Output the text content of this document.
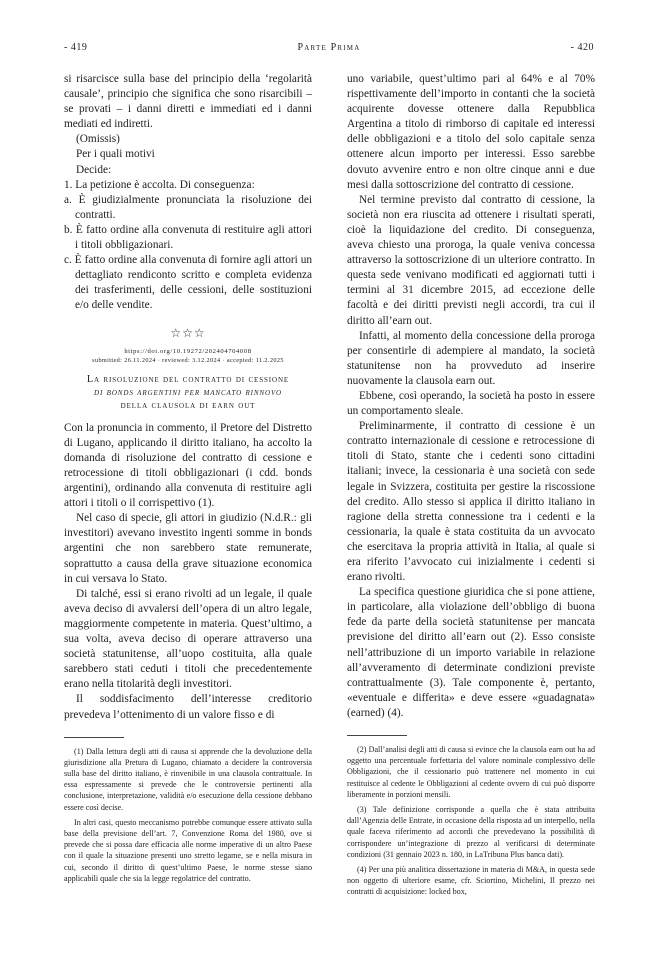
- 419	Parte Prima	- 420

si risarcisce sulla base del principio della ‘regolarità causale’, principio che significa che sono risarcibili – se provati – i danni diretti e immediati ed i danni mediati ed indiretti.

(Omissis)

Per i quali motivi

Decide:

1. La petizione è accolta. Di conseguenza:

a. È giudizialmente pronunciata la risoluzione dei contratti.

b. È fatto ordine alla convenuta di restituire agli attori i titoli obbligazionari.

c. È fatto ordine alla convenuta di fornire agli attori un dettagliato rendiconto scritto e completa evidenza dei trasferimenti, delle cessioni, delle sostituzioni e/o delle vendite.

☆☆☆
https://doi.org/10.19272/202404704008
submitted: 26.11.2024 · reviewed: 3.12.2024 · accepted: 11.2.2025
La risoluzione del contratto di cessione
di bonds argentini per mancato rinnovo
della clausola di earn out

Con la pronuncia in commento, il Pretore del Distretto di Lugano, applicando il diritto italiano, ha accolto la domanda di risoluzione del contratto di cessione e retrocessione di titoli obbligazionari (i cdd. bonds argentini), ordinando alla convenuta di restituire agli attori i titoli o il corrispettivo (1).

Nel caso di specie, gli attori in giudizio (N.d.R.: gli investitori) avevano investito ingenti somme in bonds argentini che non sarebbero state remunerate, soprattutto a causa della grave situazione economica in cui versava lo Stato.

Di talché, essi si erano rivolti ad un legale, il quale aveva deciso di avvalersi dell’opera di un altro legale, maggiormente competente in materia. Quest’ultimo, a sua volta, aveva deciso di operare attraverso una società statunitense, all’uopo costituita, alla quale sarebbero stati ceduti i titoli che precedentemente erano nella titolarità degli investitori.

Il soddisfacimento dell’interesse creditorio prevedeva l’ottenimento di un valore fisso e di

(1) Dalla lettura degli atti di causa si apprende che la devoluzione della giurisdizione alla Pretura di Lugano, chiamato a decidere la controversia sulla base del diritto italiano, è rinvenibile in una clausola contrattuale. In essa espressamente si prevede che le controversie pertinenti alla conclusione, interpretazione, validità e/o esecuzione della cessione debbano essere così decise.

In altri casi, questo meccanismo potrebbe comunque essere attivato sulla base della previsione dell’art. 7, Convenzione Roma del 1980, ove si prevede che si possa dare efficacia alle norme imperative di un altro Paese con il quale la situazione presenti uno stretto legame, se e nella misura in cui, secondo il diritto di quest’ultimo Paese, le norme stesse siano applicabili quale che sia la legge regolatrice del contratto.

uno variabile, quest’ultimo pari al 64% e al 70% rispettivamente dell’importo in contanti che la società acquirente dovesse ottenere dalla Repubblica Argentina a titolo di rimborso di capitale ed interessi delle obbligazioni e a titolo del solo capitale senza ottenere alcun importo per interessi. Esso sarebbe dovuto avvenire entro e non oltre cinque anni e due mesi dalla sottoscrizione del contratto di cessione.

Nel termine previsto dal contratto di cessione, la società non era riuscita ad ottenere i risultati sperati, cioè la liquidazione del credito. Di conseguenza, aveva chiesto una proroga, la quale veniva concessa attraverso la sottoscrizione di un ulteriore contratto. In questa sede venivano modificati ed aggiornati tutti i termini al 31 dicembre 2015, ad eccezione delle facoltà e dei diritti previsti negli accordi, tra cui il diritto all’earn out.

Infatti, al momento della concessione della proroga per consentirle di adempiere al mandato, la società statunitense non ha provveduto ad inserire nuovamente la clausola earn out.

Ebbene, così operando, la società ha posto in essere un comportamento sleale.

Preliminarmente, il contratto di cessione è un contratto internazionale di cessione e retrocessione di titoli di Stato, stante che i cedenti sono cittadini italiani; invece, la cessionaria è una società con sede legale in Svizzera, costituita per gestire la riscossione del credito. Allo stesso si applica il diritto italiano in ragione della stretta connessione tra i cedenti e la cessionaria, la quale è stata costituita da un avvocato che esercitava la propria attività in Italia, al quale si era riferito l’avvocato cui inizialmente i cedenti si erano rivolti.

La specifica questione giuridica che si pone attiene, in particolare, alla violazione dell’obbligo di buona fede da parte della società statunitense per mancata previsione del diritto all’earn out (2). Esso consiste nell’attribuzione di un importo variabile in relazione all’avveramento di determinate condizioni previste contrattualmente (3). Tale componente è, pertanto, «eventuale e differita» e deve essere «guadagnata» (earned) (4).

(2) Dall’analisi degli atti di causa si evince che la clausola earn out ha ad oggetto una percentuale forfettaria del valore nominale complessivo delle Obbligazioni, che il cessionario può trattenere nel momento in cui restituisce al cedente le Obbligazioni al cedente ovvero di cui può disporre liberamente in porzioni mensili.

(3) Tale definizione corrisponde a quella che è stata attribuita dall’Agenzia delle Entrate, in occasione della risposta ad un interpello, nella quale faceva riferimento ad accordi che prevedevano la possibilità di corrispondere un’integrazione di prezzo al verificarsi di determinate condizioni (31 gennaio 2023 n. 180, in LaTribuna Plus banca dati).

(4) Per una più analitica dissertazione in materia di M&A, in questa sede non oggetto di ulteriore esame, cfr. Sciortino, Michelini, Il prezzo nei contratti di acquisizione: locked box,
